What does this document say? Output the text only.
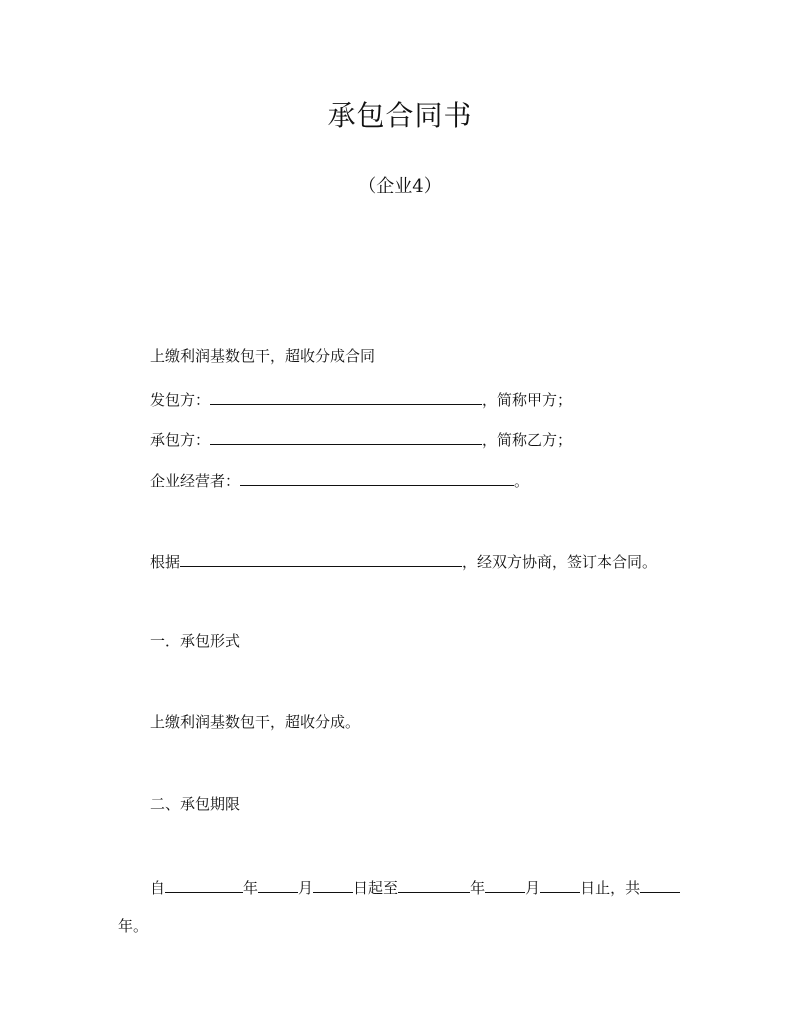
承包合同书
（企业4）
上缴利润基数包干，超收分成合同
发包方：	，简称甲方；
承包方：	，简称乙方；
企业经营者：	。
根据	，经双方协商，签订本合同。
一．承包形式
上缴利润基数包干，超收分成。
二、承包期限
自	年	月	日起至	年	月	日止，共
年。
